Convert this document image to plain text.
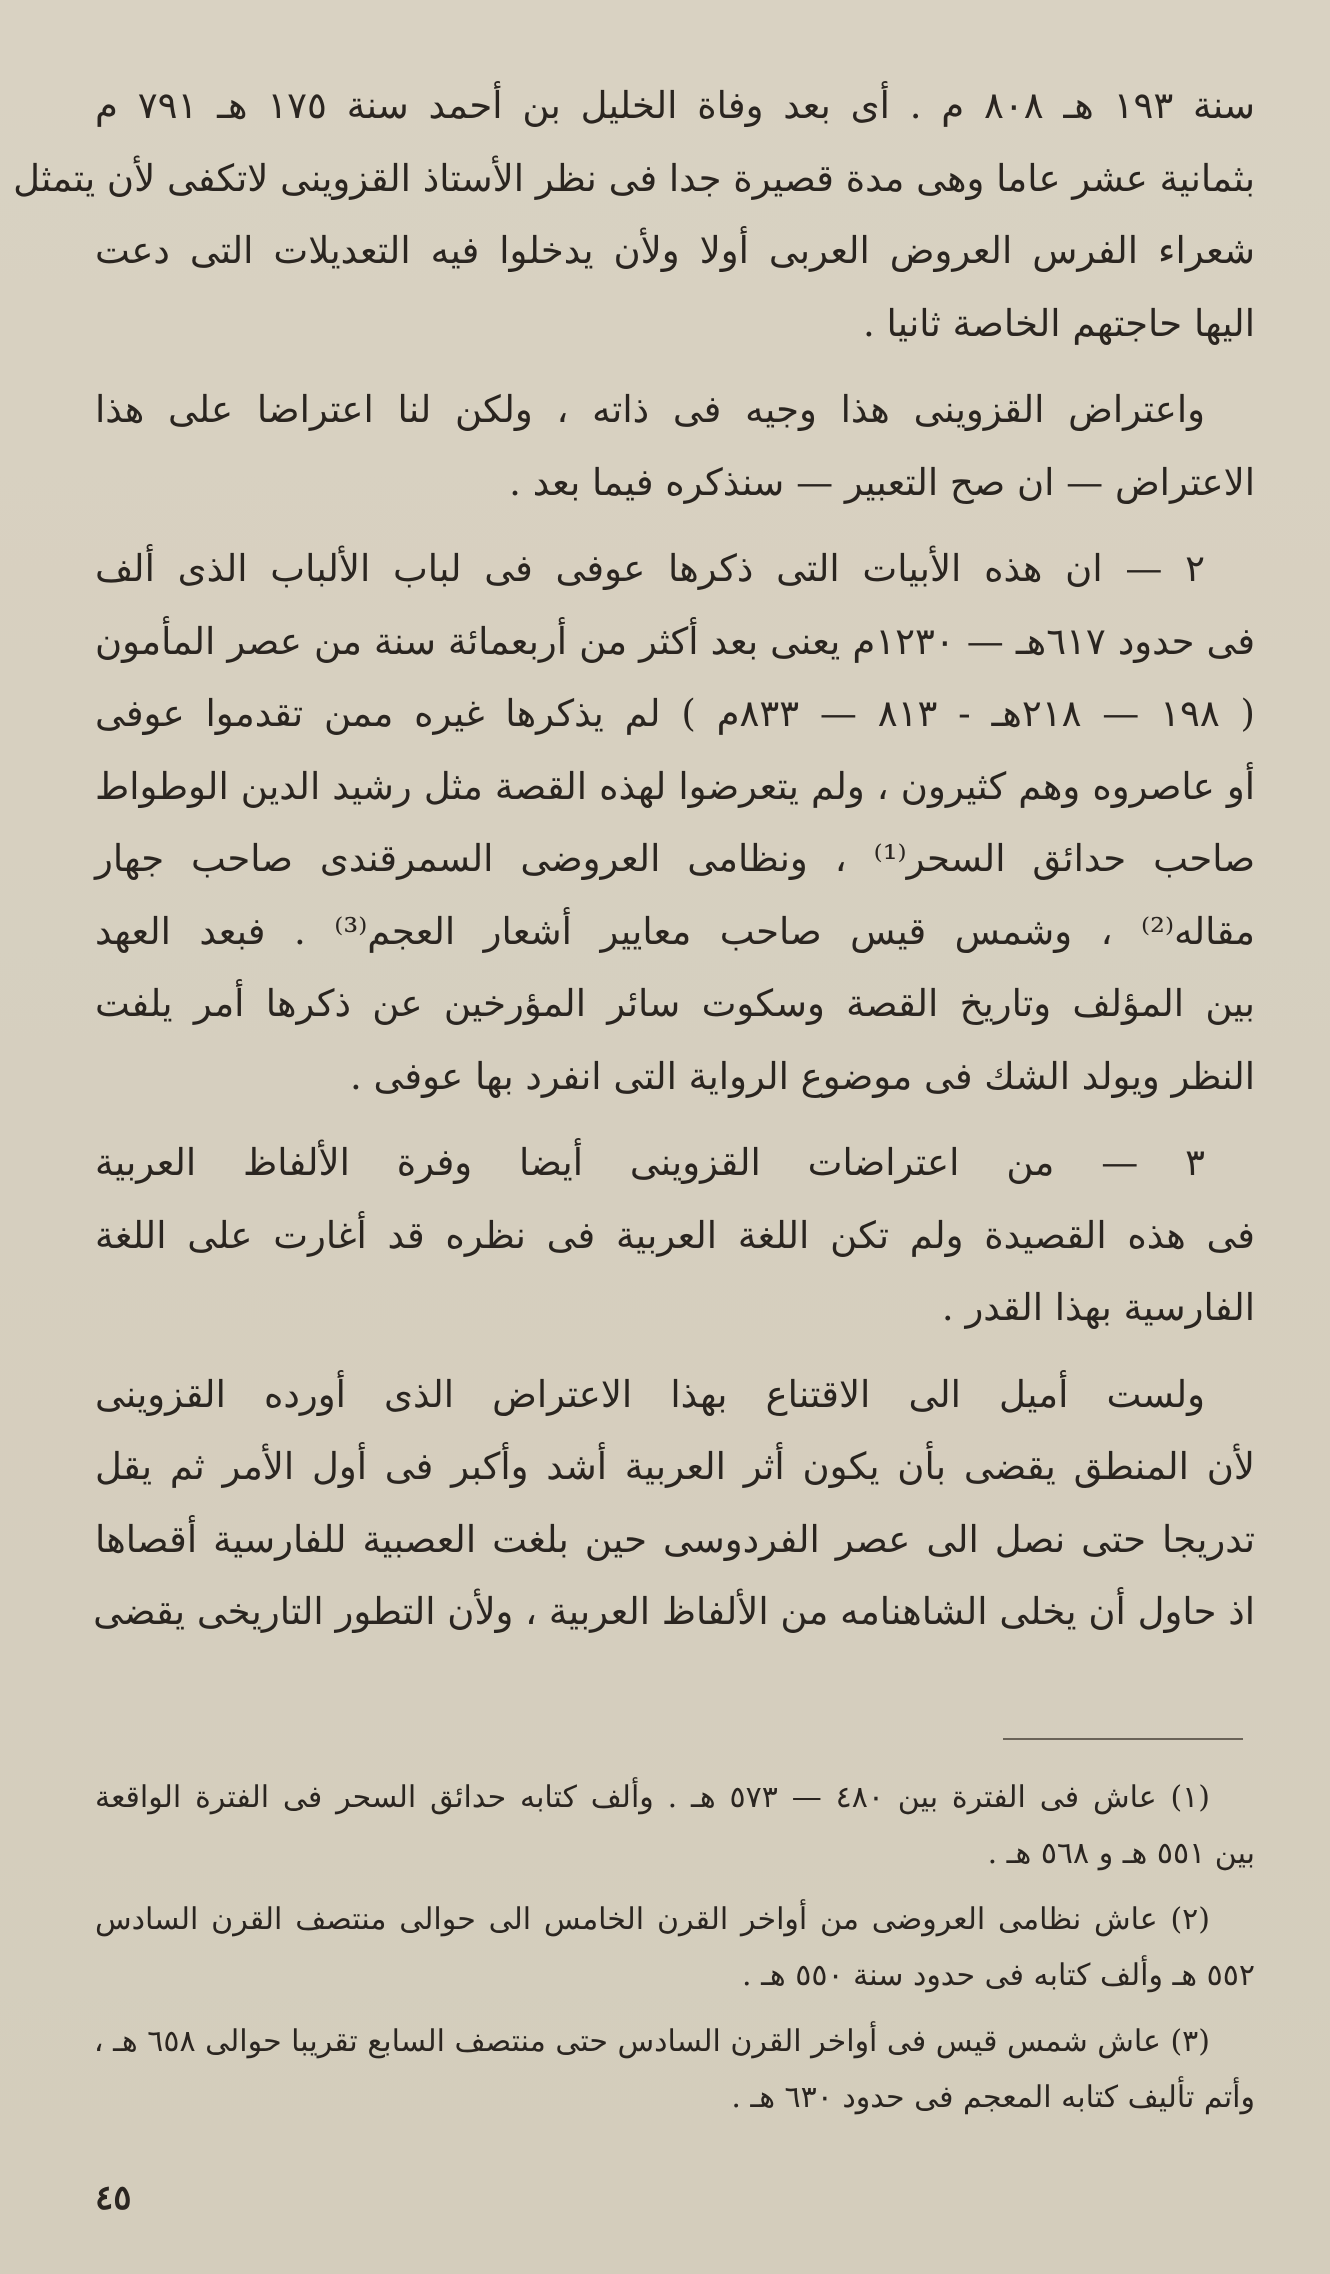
سنة ١٩٣ هـ ٨٠٨ م . أى بعد وفاة الخليل بن أحمد سنة ١٧٥ هـ ٧٩١ م
بثمانية عشر عاما وهى مدة قصيرة جدا فى نظر الأستاذ القزوينى لاتكفى لأن يتمثل
شعراء الفرس العروض العربى أولا ولأن يدخلوا فيه التعديلات التى دعت
اليها حاجتهم الخاصة ثانيا .
واعتراض القزوينى هذا وجيه فى ذاته ، ولكن لنا اعتراضا على هذا
الاعتراض — ان صح التعبير — سنذكره فيما بعد .
٢ — ان هذه الأبيات التى ذكرها عوفى فى لباب الألباب الذى ألف
فى حدود ٦١٧هـ — ١٢٣٠م يعنى بعد أكثر من أربعمائة سنة من عصر المأمون
( ١٩٨ — ٢١٨هـ - ٨١٣ — ٨٣٣م ) لم يذكرها غيره ممن تقدموا عوفى
أو عاصروه وهم كثيرون ، ولم يتعرضوا لهذه القصة مثل رشيد الدين الوطواط
صاحب حدائق السحر⁽¹⁾ ، ونظامى العروضى السمرقندى صاحب جهار
مقاله⁽²⁾ ، وشمس قيس صاحب معايير أشعار العجم⁽³⁾ . فبعد العهد
بين المؤلف وتاريخ القصة وسكوت سائر المؤرخين عن ذكرها أمر يلفت
النظر ويولد الشك فى موضوع الرواية التى انفرد بها عوفى .
٣ — من اعتراضات القزوينى أيضا وفرة الألفاظ العربية
فى هذه القصيدة ولم تكن اللغة العربية فى نظره قد أغارت على اللغة
الفارسية بهذا القدر .
ولست أميل الى الاقتناع بهذا الاعتراض الذى أورده القزوينى
لأن المنطق يقضى بأن يكون أثر العربية أشد وأكبر فى أول الأمر ثم يقل
تدريجا حتى نصل الى عصر الفردوسى حين بلغت العصبية للفارسية أقصاها
اذ حاول أن يخلى الشاهنامه من الألفاظ العربية ، ولأن التطور التاريخى يقضى
(١) عاش فى الفترة بين ٤٨٠ — ٥٧٣ هـ . وألف كتابه حدائق السحر فى الفترة الواقعة
بين ٥٥١ هـ و ٥٦٨ هـ .
(٢) عاش نظامى العروضى من أواخر القرن الخامس الى حوالى منتصف القرن السادس
٥٥٢ هـ وألف كتابه فى حدود سنة ٥٥٠ هـ .
(٣) عاش شمس قيس فى أواخر القرن السادس حتى منتصف السابع تقريبا حوالى ٦٥٨ هـ ،
وأتم تأليف كتابه المعجم فى حدود ٦٣٠ هـ .
٤٥
